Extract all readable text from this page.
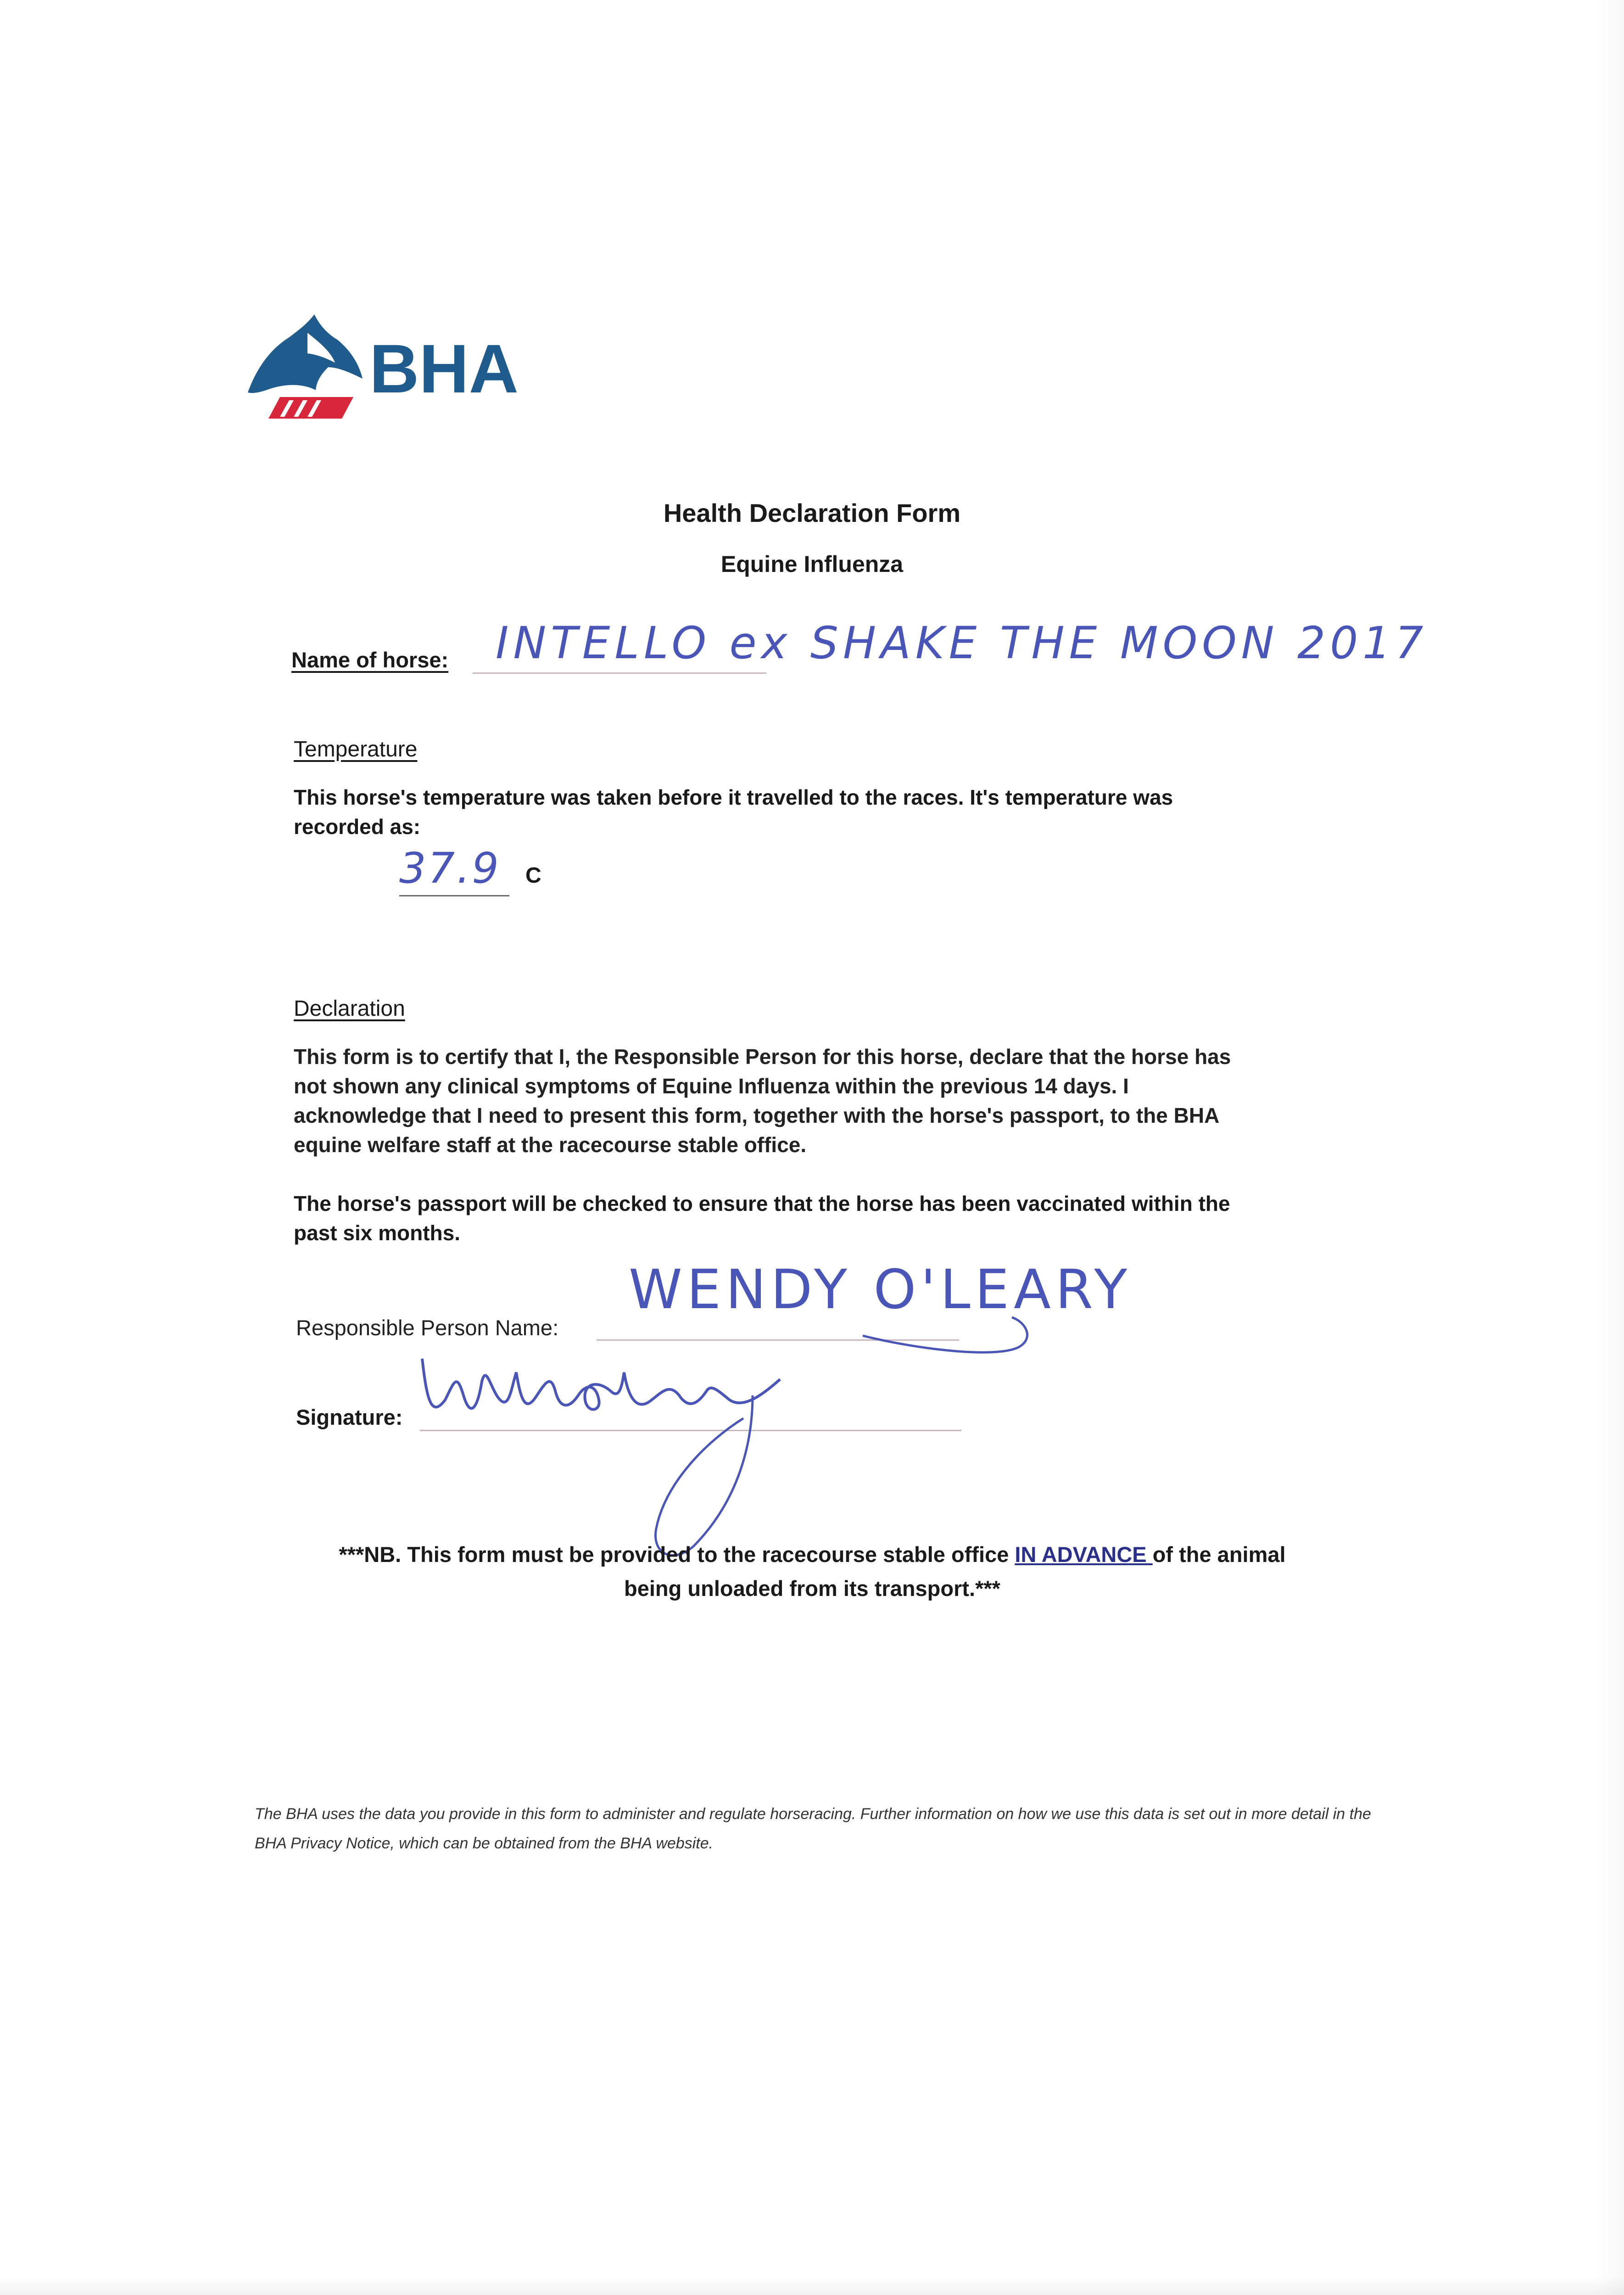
BHA
Health Declaration Form
Equine Influenza
Name of horse: INTELLO ex SHAKE THE MOON 2017
Temperature

This horse's temperature was taken before it travelled to the races. It's temperature was recorded as:

37.9 C
Declaration

This form is to certify that I, the Responsible Person for this horse, declare that the horse has not shown any clinical symptoms of Equine Influenza within the previous 14 days. I acknowledge that I need to present this form, together with the horse's passport, to the BHA equine welfare staff at the racecourse stable office.

The horse's passport will be checked to ensure that the horse has been vaccinated within the past six months.

Responsible Person Name:
WENDY O'LEARY
Signature:
***NB. This form must be provided to the racecourse stable office IN ADVANCE of the animal being unloaded from its transport.***
The BHA uses the data you provide in this form to administer and regulate horseracing. Further information on how we use this data is set out in more detail in the BHA Privacy Notice, which can be obtained from the BHA website.
